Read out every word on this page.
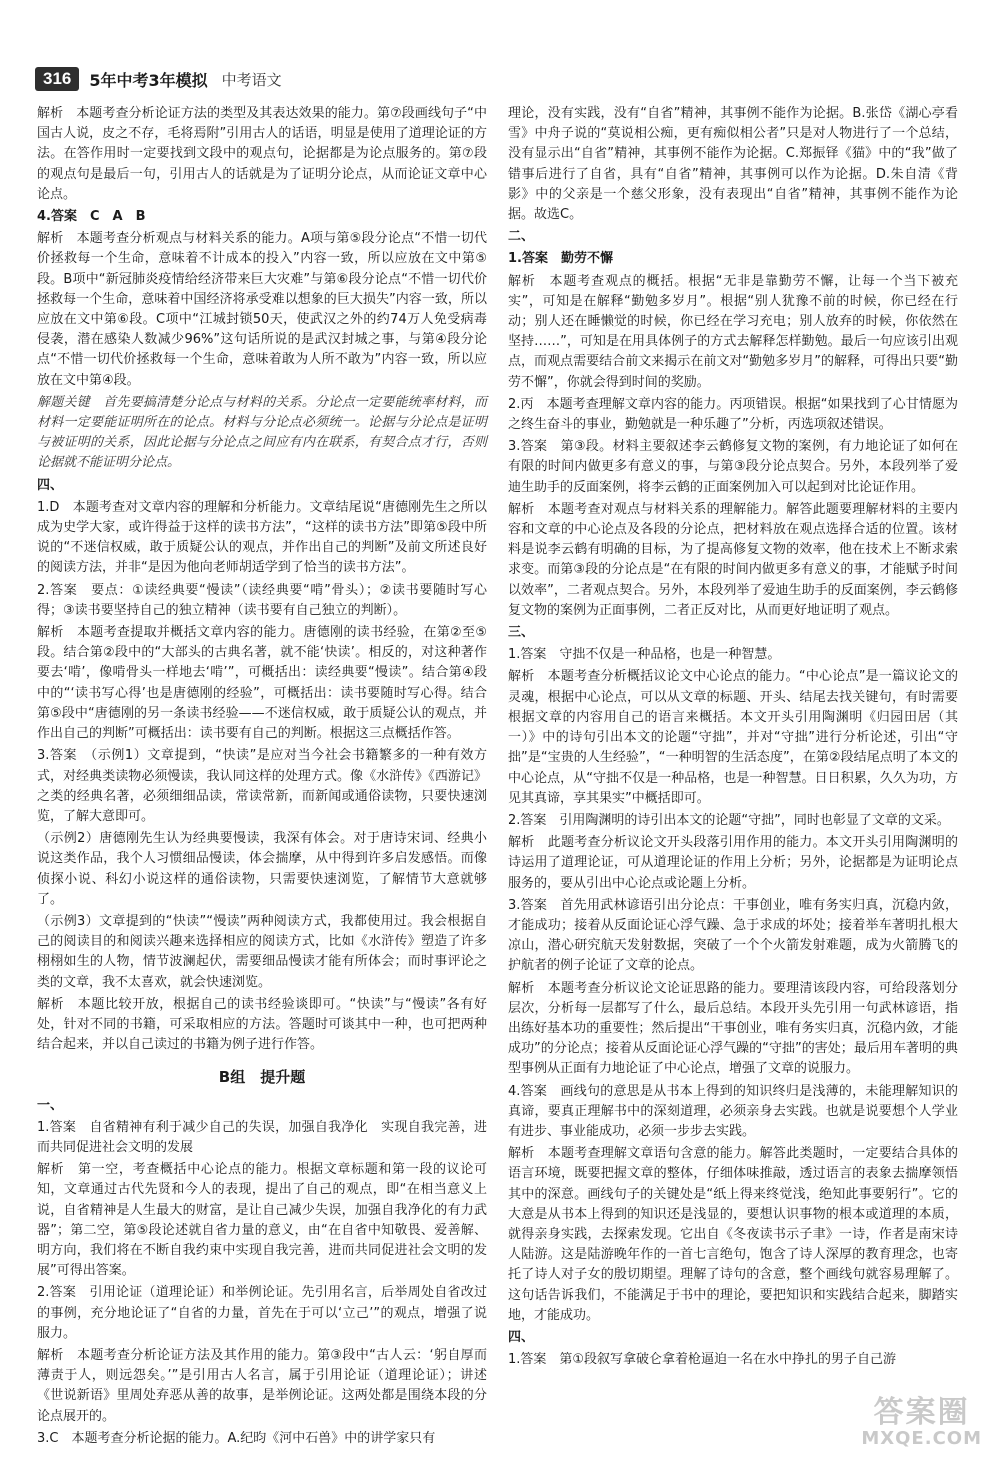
316	5年中考3年模拟 中考语文

解析　本题考查分析论证方法的类型及其表达效果的能力。第⑦段画线句子“中国古人说，皮之不存，毛将焉附”引用古人的话语，明显是使用了道理论证的方法。在答作用时一定要找到文段中的观点句，论据都是为论点服务的。第⑦段的观点句是最后一句，引用古人的话就是为了证明分论点，从而论证文章中心论点。

4.答案　C　A　B

解析　本题考查分析观点与材料关系的能力。A项与第⑤段分论点“不惜一切代价拯救每一个生命，意味着不计成本的投入”内容一致，所以应放在文中第⑤段。B项中“新冠肺炎疫情给经济带来巨大灾难”与第⑥段分论点“不惜一切代价拯救每一个生命，意味着中国经济将承受难以想象的巨大损失”内容一致，所以应放在文中第⑥段。C项中“江城封锁50天，使武汉之外的约74万人免受病毒侵袭，潜在感染人数减少96%”这句话所说的是武汉封城之事，与第④段分论点“不惜一切代价拯救每一个生命，意味着敢为人所不敢为”内容一致，所以应放在文中第④段。

解题关键　首先要搞清楚分论点与材料的关系。分论点一定要能统率材料，而材料一定要能证明所在的论点。材料与分论点必须统一。论据与分论点是证明与被证明的关系，因此论据与分论点之间应有内在联系，有契合点才行，否则论据就不能证明分论点。

四、

1.D　本题考查对文章内容的理解和分析能力。文章结尾说“唐德刚先生之所以成为史学大家，或许得益于这样的读书方法”，“这样的读书方法”即第⑤段中所说的“不迷信权威，敢于质疑公认的观点，并作出自己的判断”及前文所述良好的阅读方法，并非“是因为他向老师胡适学到了恰当的读书方法”。

2.答案　要点：①读经典要“慢读”（读经典要“啃”骨头）；②读书要随时写心得；③读书要坚持自己的独立精神（读书要有自己独立的判断）。

解析　本题考查提取并概括文章内容的能力。唐德刚的读书经验，在第②至⑤段。结合第②段中的“大部头的古典名著，就不能‘快读’。相反的，对这种著作要去‘啃’，像啃骨头一样地去‘啃’”，可概括出：读经典要“慢读”。结合第④段中的“‘读书写心得’也是唐德刚的经验”，可概括出：读书要随时写心得。结合第⑤段中“唐德刚的另一条读书经验——不迷信权威，敢于质疑公认的观点，并作出自己的判断”可概括出：读书要有自己的判断。根据这三点概括作答。

3.答案　（示例1）文章提到，“快读”是应对当今社会书籍繁多的一种有效方式，对经典类读物必须慢读，我认同这样的处理方式。像《水浒传》《西游记》之类的经典名著，必须细细品读，常读常新，而新闻或通俗读物，只要快速浏览，了解大意即可。

（示例2）唐德刚先生认为经典要慢读，我深有体会。对于唐诗宋词、经典小说这类作品，我个人习惯细品慢读，体会揣摩，从中得到许多启发感悟。而像侦探小说、科幻小说这样的通俗读物，只需要快速浏览，了解情节大意就够了。

（示例3）文章提到的“快读”“慢读”两种阅读方式，我都使用过。我会根据自己的阅读目的和阅读兴趣来选择相应的阅读方式，比如《水浒传》塑造了许多栩栩如生的人物，情节波澜起伏，需要细品慢读才能有所体会；而时事评论之类的文章，我不太喜欢，就会快速浏览。

解析　本题比较开放，根据自己的读书经验谈即可。“快读”与“慢读”各有好处，针对不同的书籍，可采取相应的方法。答题时可谈其中一种，也可把两种结合起来，并以自己读过的书籍为例子进行作答。

B组　提升题

一、

1.答案　自省精神有利于减少自己的失误，加强自我净化　实现自我完善，进而共同促进社会文明的发展

解析　第一空，考查概括中心论点的能力。根据文章标题和第一段的议论可知，文章通过古代先贤和今人的表现，提出了自己的观点，即“在相当意义上说，自省精神是人生最大的财富，是让自己减少失误，加强自我净化的有力武器”；第二空，第⑤段论述就自省力量的意义，由“在自省中知敬畏、爱善解、明方向，我们将在不断自我约束中实现自我完善，进而共同促进社会文明的发展”可得出答案。

2.答案　引用论证（道理论证）和举例论证。先引用名言，后举周处自省改过的事例，充分地论证了“自省的力量，首先在于可以‘立己’”的观点，增强了说服力。

解析　本题考查分析论证方法及其作用的能力。第③段中“古人云：‘躬自厚而薄责于人，则远怨矣。’”是引用古人名言，属于引用论证（道理论证）；讲述《世说新语》里周处弃恶从善的故事，是举例论证。这两处都是围绕本段的分论点展开的。

3.C　本题考查分析论据的能力。A.纪昀《河中石兽》中的讲学家只有

理论，没有实践，没有“自省”精神，其事例不能作为论据。B.张岱《湖心亭看雪》中舟子说的“莫说相公痴，更有痴似相公者”只是对人物进行了一个总结，没有显示出“自省”精神，其事例不能作为论据。C.郑振铎《猫》中的“我”做了错事后进行了自省，具有“自省”精神，其事例可以作为论据。D.朱自清《背影》中的父亲是一个慈父形象，没有表现出“自省”精神，其事例不能作为论据。故选C。

二、

1.答案　勤劳不懈

解析　本题考查观点的概括。根据“无非是靠勤劳不懈，让每一个当下被充实”，可知是在解释“勤勉多岁月”。根据“别人犹豫不前的时候，你已经在行动；别人还在睡懒觉的时候，你已经在学习充电；别人放弃的时候，你依然在坚持……”，可知是在用具体例子的方式去解释怎样勤勉。最后一句应该引出观点，而观点需要结合前文来揭示在前文对“勤勉多岁月”的解释，可得出只要“勤劳不懈”，你就会得到时间的奖励。

2.丙　本题考查理解文章内容的能力。丙项错误。根据“如果找到了心甘情愿为之终生奋斗的事业，勤勉就是一种乐趣了”分析，丙选项叙述错误。

3.答案　第③段。材料主要叙述李云鹤修复文物的案例，有力地论证了如何在有限的时间内做更多有意义的事，与第③段分论点契合。另外，本段列举了爱迪生助手的反面案例，将李云鹤的正面案例加入可以起到对比论证作用。

解析　本题考查对观点与材料关系的理解能力。解答此题要理解材料的主要内容和文章的中心论点及各段的分论点，把材料放在观点选择合适的位置。该材料是说李云鹤有明确的目标，为了提高修复文物的效率，他在技术上不断求索求变。而第③段的分论点是“在有限的时间内做更多有意义的事，才能赋予时间以效率”，二者观点契合。另外，本段列举了爱迪生助手的反面案例，李云鹤修复文物的案例为正面事例，二者正反对比，从而更好地证明了观点。

三、

1.答案　守拙不仅是一种品格，也是一种智慧。

解析　本题考查分析概括议论文中心论点的能力。“中心论点”是一篇议论文的灵魂，根据中心论点，可以从文章的标题、开头、结尾去找关键句，有时需要根据文章的内容用自己的语言来概括。本文开头引用陶渊明《归园田居（其一）》中的诗句引出本文的论题“守拙”，并对“守拙”进行分析论述，引出“守拙”是“宝贵的人生经验”，“一种明智的生活态度”，在第②段结尾点明了本文的中心论点，从“守拙不仅是一种品格，也是一种智慧。日日积累，久久为功，方见其真谛，享其果实”中概括即可。

2.答案　引用陶渊明的诗引出本文的论题“守拙”，同时也彰显了文章的文采。

解析　此题考查分析议论文开头段落引用作用的能力。本文开头引用陶渊明的诗运用了道理论证，可从道理论证的作用上分析；另外，论据都是为证明论点服务的，要从引出中心论点或论题上分析。

3.答案　首先用武林谚语引出分论点：干事创业，唯有务实归真，沉稳内敛，才能成功；接着从反面论证心浮气躁、急于求成的坏处；接着举车著明扎根大凉山，潜心研究航天发射数据，突破了一个个火箭发射难题，成为火箭腾飞的护航者的例子论证了文章的论点。

解析　本题考查分析议论文论证思路的能力。要理清该段内容，可给段落划分层次，分析每一层都写了什么，最后总结。本段开头先引用一句武林谚语，指出练好基本功的重要性；然后提出“干事创业，唯有务实归真，沉稳内敛，才能成功”的分论点；接着从反面论证心浮气躁的“守拙”的害处；最后用车著明的典型事例从正面有力地论证了中心论点，增强了文章的说服力。

4.答案　画线句的意思是从书本上得到的知识终归是浅薄的，未能理解知识的真谛，要真正理解书中的深刻道理，必须亲身去实践。也就是说要想个人学业有进步、事业能成功，必须一步步去实践。

解析　本题考查理解文章语句含意的能力。解答此类题时，一定要结合具体的语言环境，既要把握文章的整体，仔细体味推敲，透过语言的表象去揣摩领悟其中的深意。画线句子的关键处是“纸上得来终觉浅，绝知此事要躬行”。它的大意是从书本上得到的知识还是浅显的，要想认识事物的根本或道理的本质，就得亲身实践，去探索发现。它出自《冬夜读书示子聿》一诗，作者是南宋诗人陆游。这是陆游晚年作的一首七言绝句，饱含了诗人深厚的教育理念，也寄托了诗人对子女的殷切期望。理解了诗句的含意，整个画线句就容易理解了。这句话告诉我们，不能满足于书中的理论，要把知识和实践结合起来，脚踏实地，才能成功。

四、

1.答案　第①段叙写拿破仑拿着枪逼迫一名在水中挣扎的男子自己游

答案圈
MXQE.COM
